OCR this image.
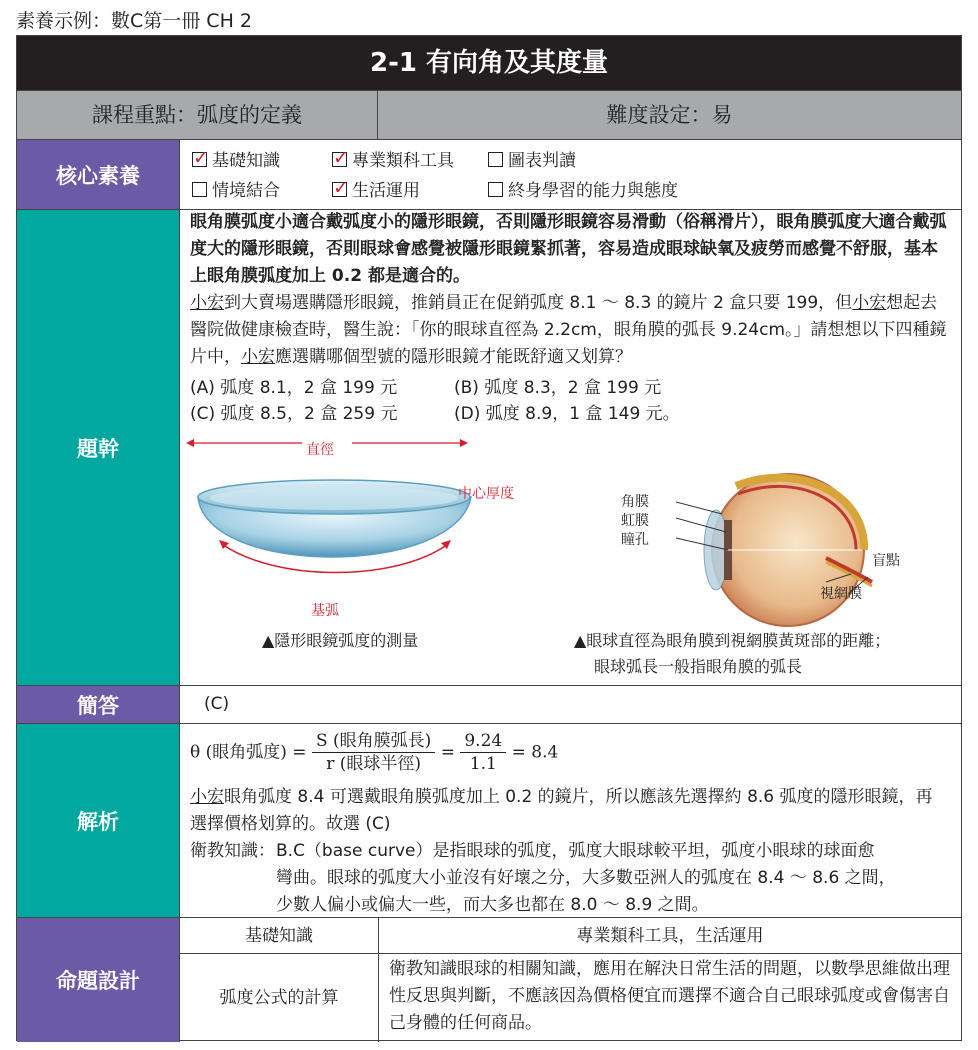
素養示例：數C第一冊 CH 2
2-1 有向角及其度量
課程重點：弧度的定義	難度設定：易
核心素養
✓基礎知識 ✓	專業類科工具	圖表判讀
情境結合 ✓	生活運用	終身學習的能力與態度
題幹
眼角膜弧度小適合戴弧度小的隱形眼鏡，否則隱形眼鏡容易滑動（俗稱滑片），眼角膜弧度大適合戴弧度大的隱形眼鏡，否則眼球會感覺被隱形眼鏡緊抓著，容易造成眼球缺氧及疲勞而感覺不舒服，基本上眼角膜弧度加上 0.2 都是適合的。
小宏到大賣場選購隱形眼鏡，推銷員正在促銷弧度 8.1 ～ 8.3 的鏡片 2 盒只要 199，但小宏想起去醫院做健康檢查時，醫生說：「你的眼球直徑為 2.2cm，眼角膜的弧長 9.24cm。」請想想以下四種鏡片中，小宏應選購哪個型號的隱形眼鏡才能既舒適又划算？
(A) 弧度 8.1，2 盒 199 元	(B) 弧度 8.3，2 盒 199 元
(C) 弧度 8.5，2 盒 259 元	(D) 弧度 8.9，1 盒 149 元。
直徑
中心厚度
基弧
▲隱形眼鏡弧度的測量
角膜
虹膜
瞳孔
盲點
視網膜
▲眼球直徑為眼角膜到視網膜黃斑部的距離；
眼球弧長一般指眼角膜的弧長
簡答	(C)
解析
θ (眼角弧度) = $\frac{\text{S (眼角膜弧長)}}{\text{r (眼球半徑)}} = \frac{9.24}{1.1} = 8.4$
小宏眼角弧度 8.4 可選戴眼角膜弧度加上 0.2 的鏡片，所以應該先選擇約 8.6 弧度的隱形眼鏡，再選擇價格划算的。故選 (C)
衛教知識： B.C（base curve）是指眼球的弧度，弧度大眼球較平坦，弧度小眼球的球面愈
彎曲。眼球的弧度大小並沒有好壞之分，大多數亞洲人的弧度在 8.4 ～ 8.6 之間，
少數人偏小或偏大一些，而大多也都在 8.0 ～ 8.9 之間。
命題設計
基礎知識	專業類科工具，生活運用
弧度公式的計算
衛教知識眼球的相關知識，應用在解決日常生活的問題，以數學思維做出理性反思與判斷，不應該因為價格便宜而選擇不適合自己眼球弧度或會傷害自己身體的任何商品。
